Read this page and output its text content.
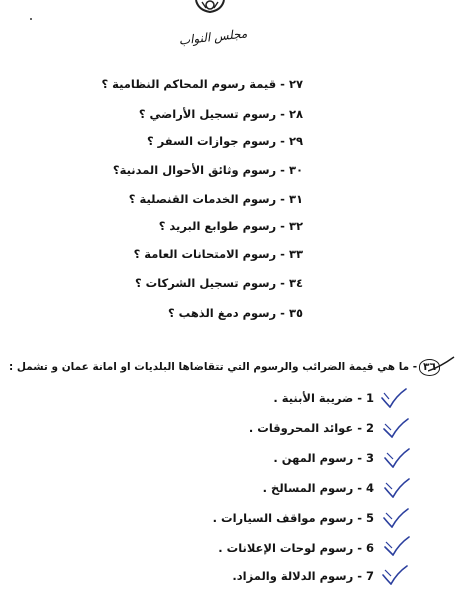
مجلس النواب
٢٧ - قيمة رسوم المحاكم النظامية ؟
٢٨ - رسوم تسجيل الأراضي ؟
٢٩ - رسوم جوازات السفر ؟
٣٠ - رسوم وثائق الأحوال المدنية؟
٣١ - رسوم الخدمات القنصلية ؟
٣٢ - رسوم طوابع البريد ؟
٣٣ - رسوم الامتحانات العامة ؟
٣٤ - رسوم تسجيل الشركات ؟
٣٥ - رسوم دمغ الذهب ؟
٣٦- ما هي قيمة الضرائب والرسوم التي تتقاضاها البلديات او امانة عمان و تشمل :
1 - ضريبة الأبنية .
2 - عوائد المحروقات .
3 - رسوم المهن .
4 - رسوم المسالخ .
5 - رسوم مواقف السيارات .
6 - رسوم لوحات الإعلانات .
7 - رسوم الدلالة والمزاد.
